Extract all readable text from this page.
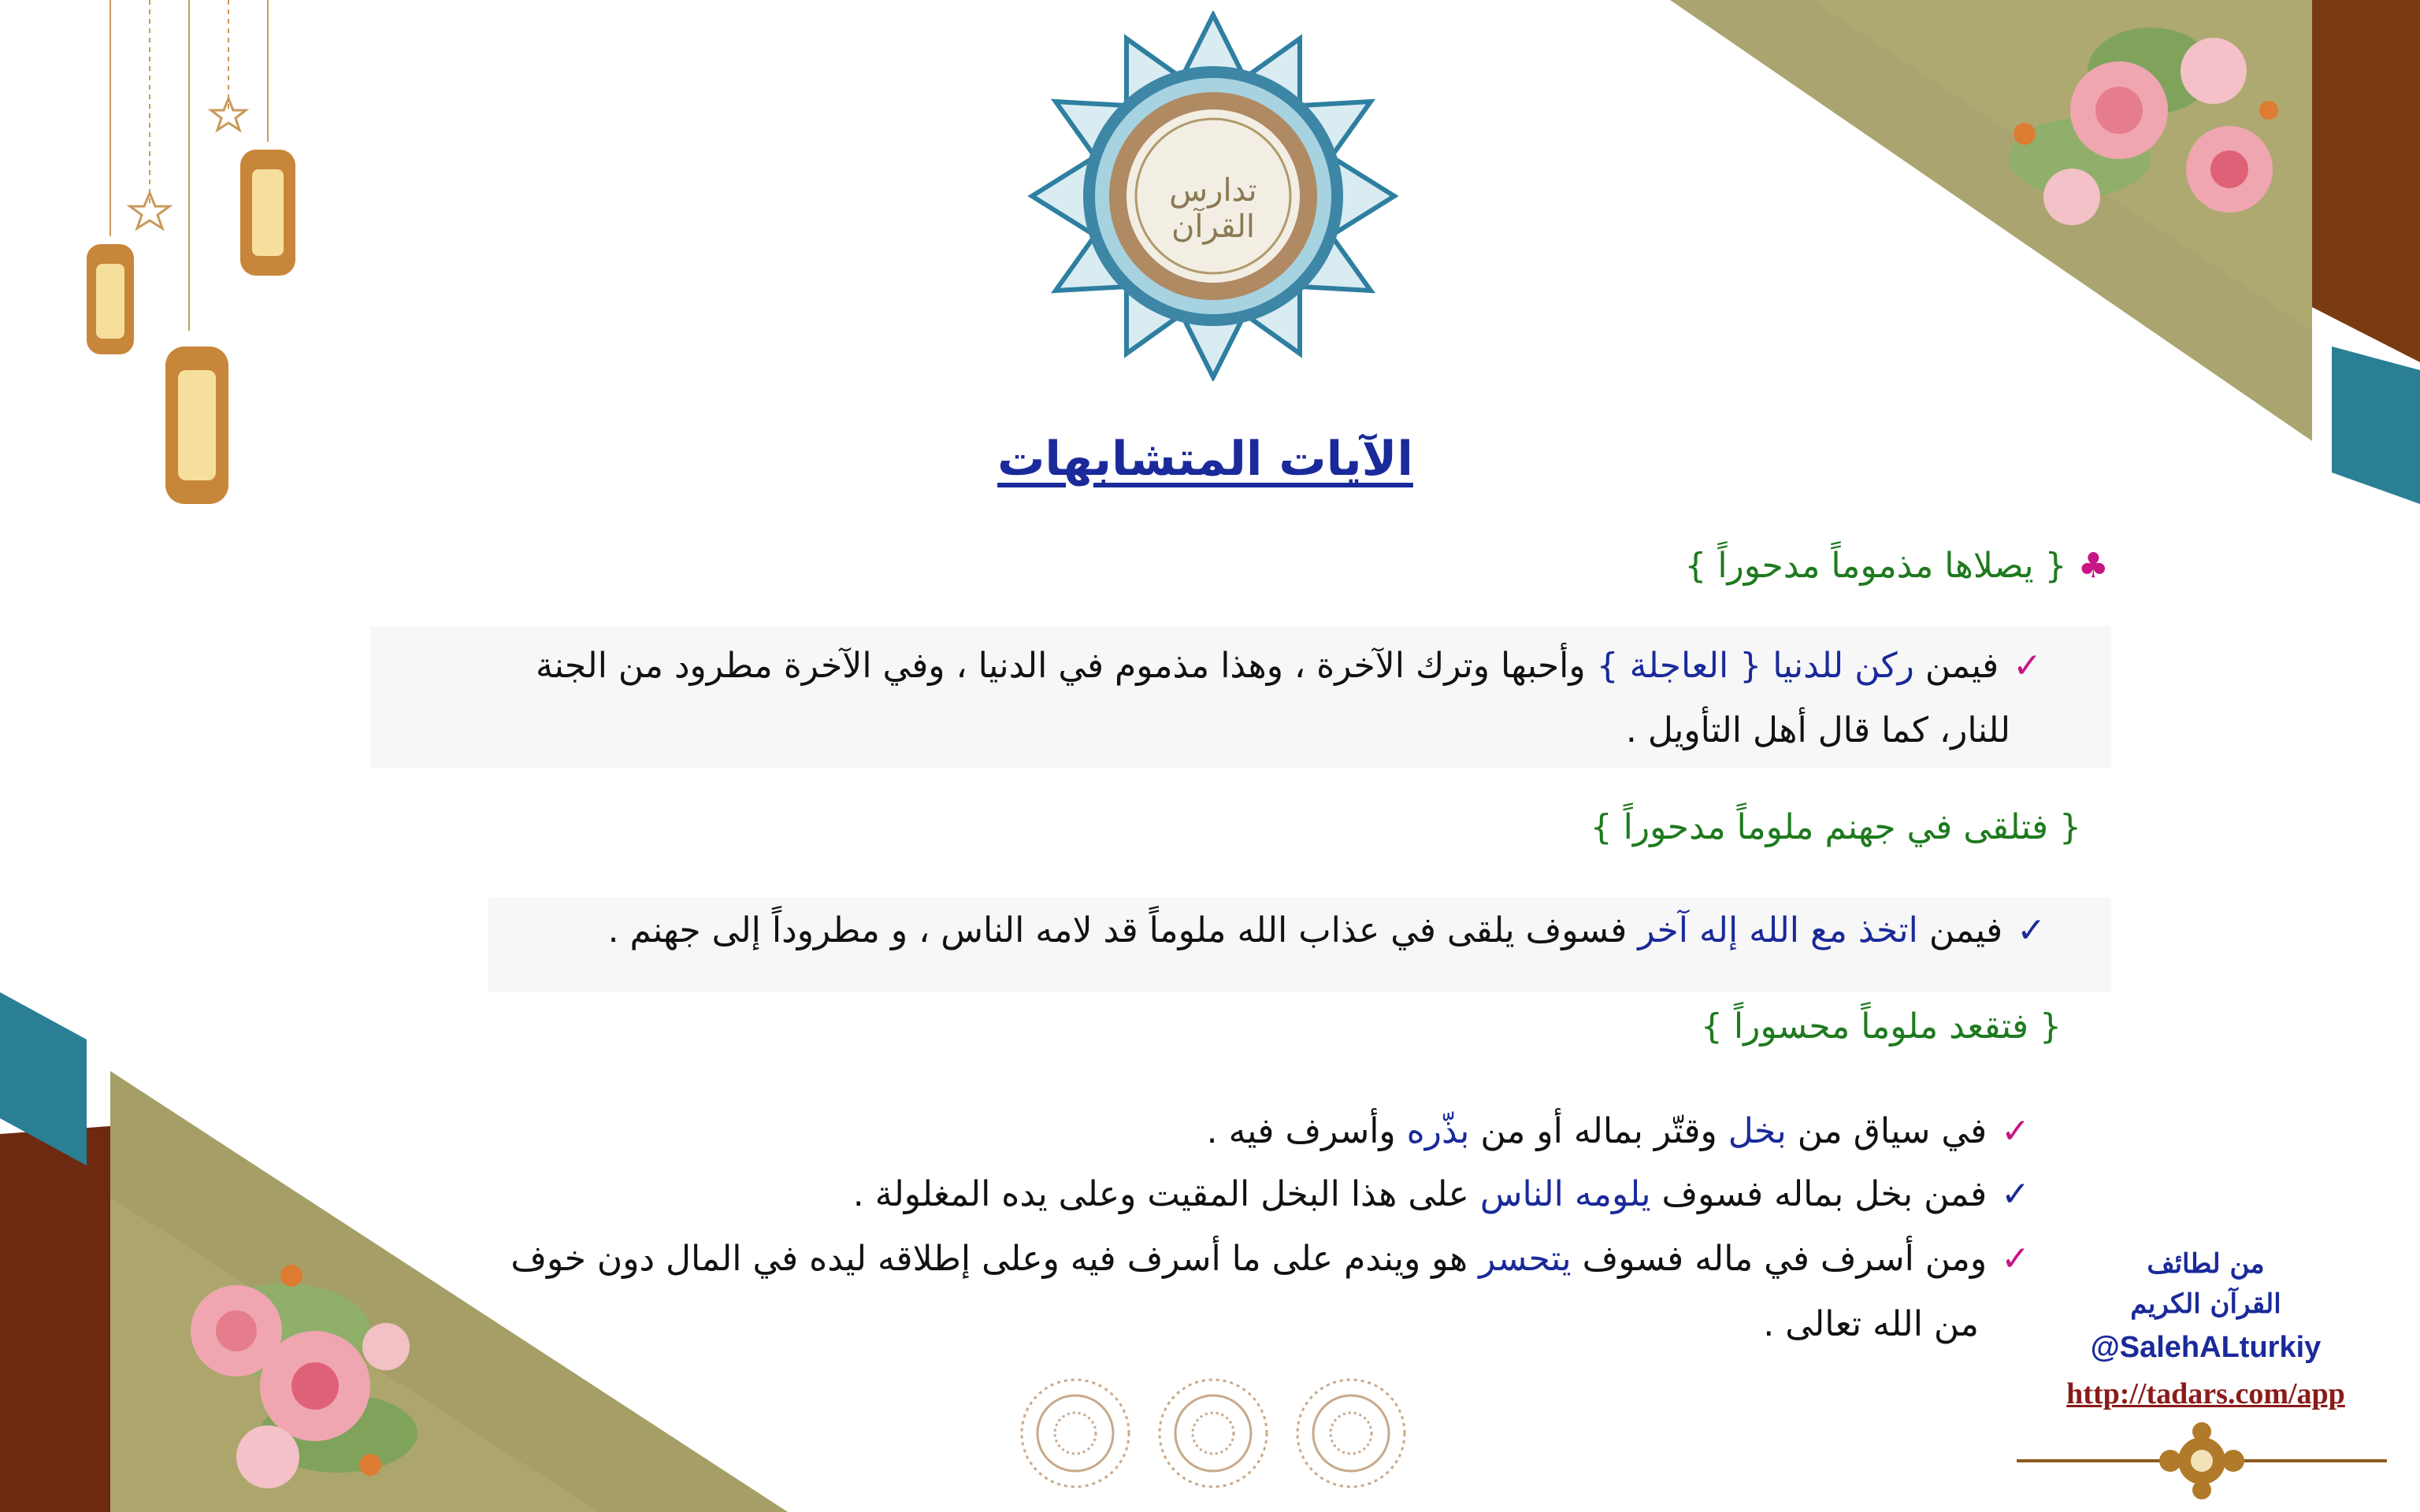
تدارس القرآن
الآيات المتشابهات
♣{ يصلاها مذموماً مدحوراً }
✓فيمن ركن للدنيا { العاجلة } وأحبها وترك الآخرة ، وهذا مذموم في الدنيا ، وفي الآخرة مطرود من الجنة
للنار، كما قال أهل التأويل .
{ فتلقى في جهنم ملوماً مدحوراً }
✓فيمن اتخذ مع الله إله آخر فسوف يلقى في عذاب الله ملوماً قد لامه الناس ، و مطروداً إلى جهنم .
{ فتقعد ملوماً محسوراً }
✓في سياق من بخل وقتّر بماله أو من بذّره وأسرف فيه .
✓فمن بخل بماله فسوف يلومه الناس على هذا البخل المقيت وعلى يده المغلولة .
✓ومن أسرف في ماله فسوف يتحسر هو ويندم على ما أسرف فيه وعلى إطلاقه ليده في المال دون خوف
من الله تعالى .
من لطائف
القرآن الكريم
@SalehALturkiy
http://tadars.com/app
